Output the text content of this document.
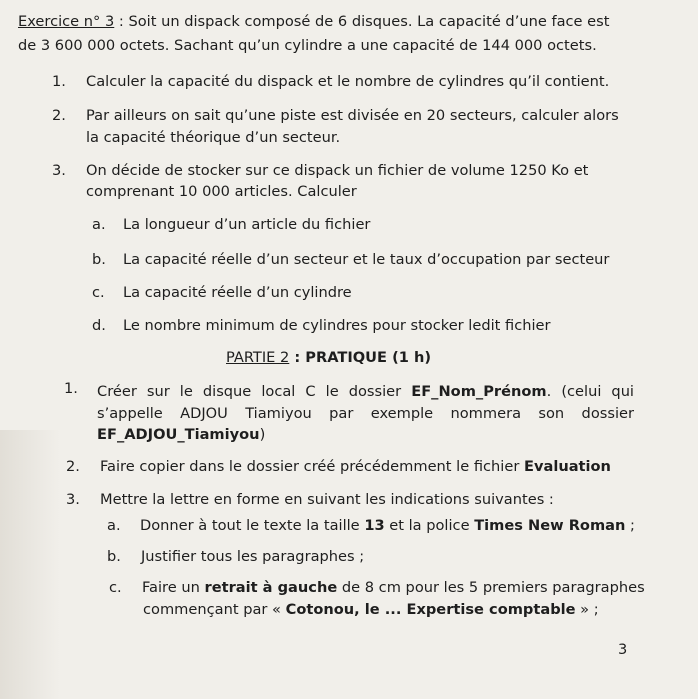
Exercice n° 3 : Soit un dispack composé de 6 disques. La capacité d’une face est
de 3 600 000 octets. Sachant qu’un cylindre a une capacité de 144 000 octets.
1. Calculer la capacité du dispack et le nombre de cylindres qu’il contient.
2. Par ailleurs on sait qu’une piste est divisée en 20 secteurs, calculer alors
la capacité théorique d’un secteur.
3. On décide de stocker sur ce dispack un fichier de volume 1250 Ko et
comprenant 10 000 articles. Calculer
a. La longueur d’un article du fichier
b. La capacité réelle d’un secteur et le taux d’occupation par secteur
c. La capacité réelle d’un cylindre
d. Le nombre minimum de cylindres pour stocker ledit fichier
PARTIE 2 : PRATIQUE (1 h)
1. Créer sur le disque local C le dossier EF_Nom_Prénom. (celui qui
s’appelle ADJOU Tiamiyou par exemple nommera son dossier
EF_ADJOU_Tiamiyou)
2. Faire copier dans le dossier créé précédemment le fichier Evaluation
3. Mettre la lettre en forme en suivant les indications suivantes :
a. Donner à tout le texte la taille 13 et la police Times New Roman ;
b. Justifier tous les paragraphes ;
c. Faire un retrait à gauche de 8 cm pour les 5 premiers paragraphes
commençant par « Cotonou, le ... Expertise comptable » ;
3
